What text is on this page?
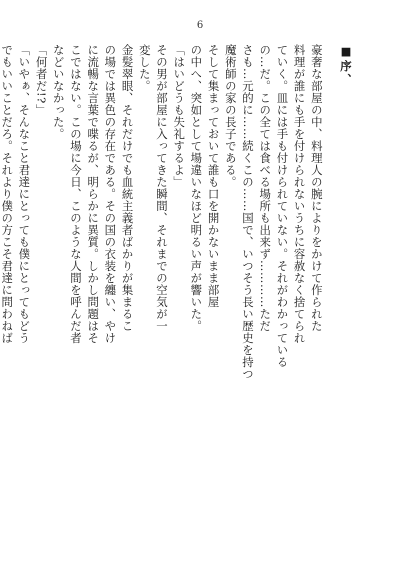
6
■序、
豪奢な部屋の中、料理人の腕によりをかけて作られた
料理が誰にも手を付けられないうちに容赦なく捨てられ
ていく。皿には手も付けられていない。それがわかっている
の…だ。この全ては食べる場所も出来ず…………ただ
さも…元的に……続くこの……国で、いつそう長い歴史を持つ
魔術師の家の長子である。
そして集まっておいて誰も口を開かないまま部屋
の中へ、突如として場違いなほど明るい声が響いた。
「はいどうも失礼するよ」
その男が部屋に入ってきた瞬間、それまでの空気が一
変した。
金髪翠眼、それだけでも血統主義者ばかりが集まるこ
の場では異色の存在である。その国の衣装を纏い、やけ
に流暢な言葉で喋るが、明らかに異質。しかし問題はそ
こではない。この場に今日、このような人間を呼んだ者
などいなかった。
「何者だ!?」
「いやぁ、そんなこと君達にとっても僕にとってもどう
でもいいことだろ。それより僕の方こそ君達に問わねば
